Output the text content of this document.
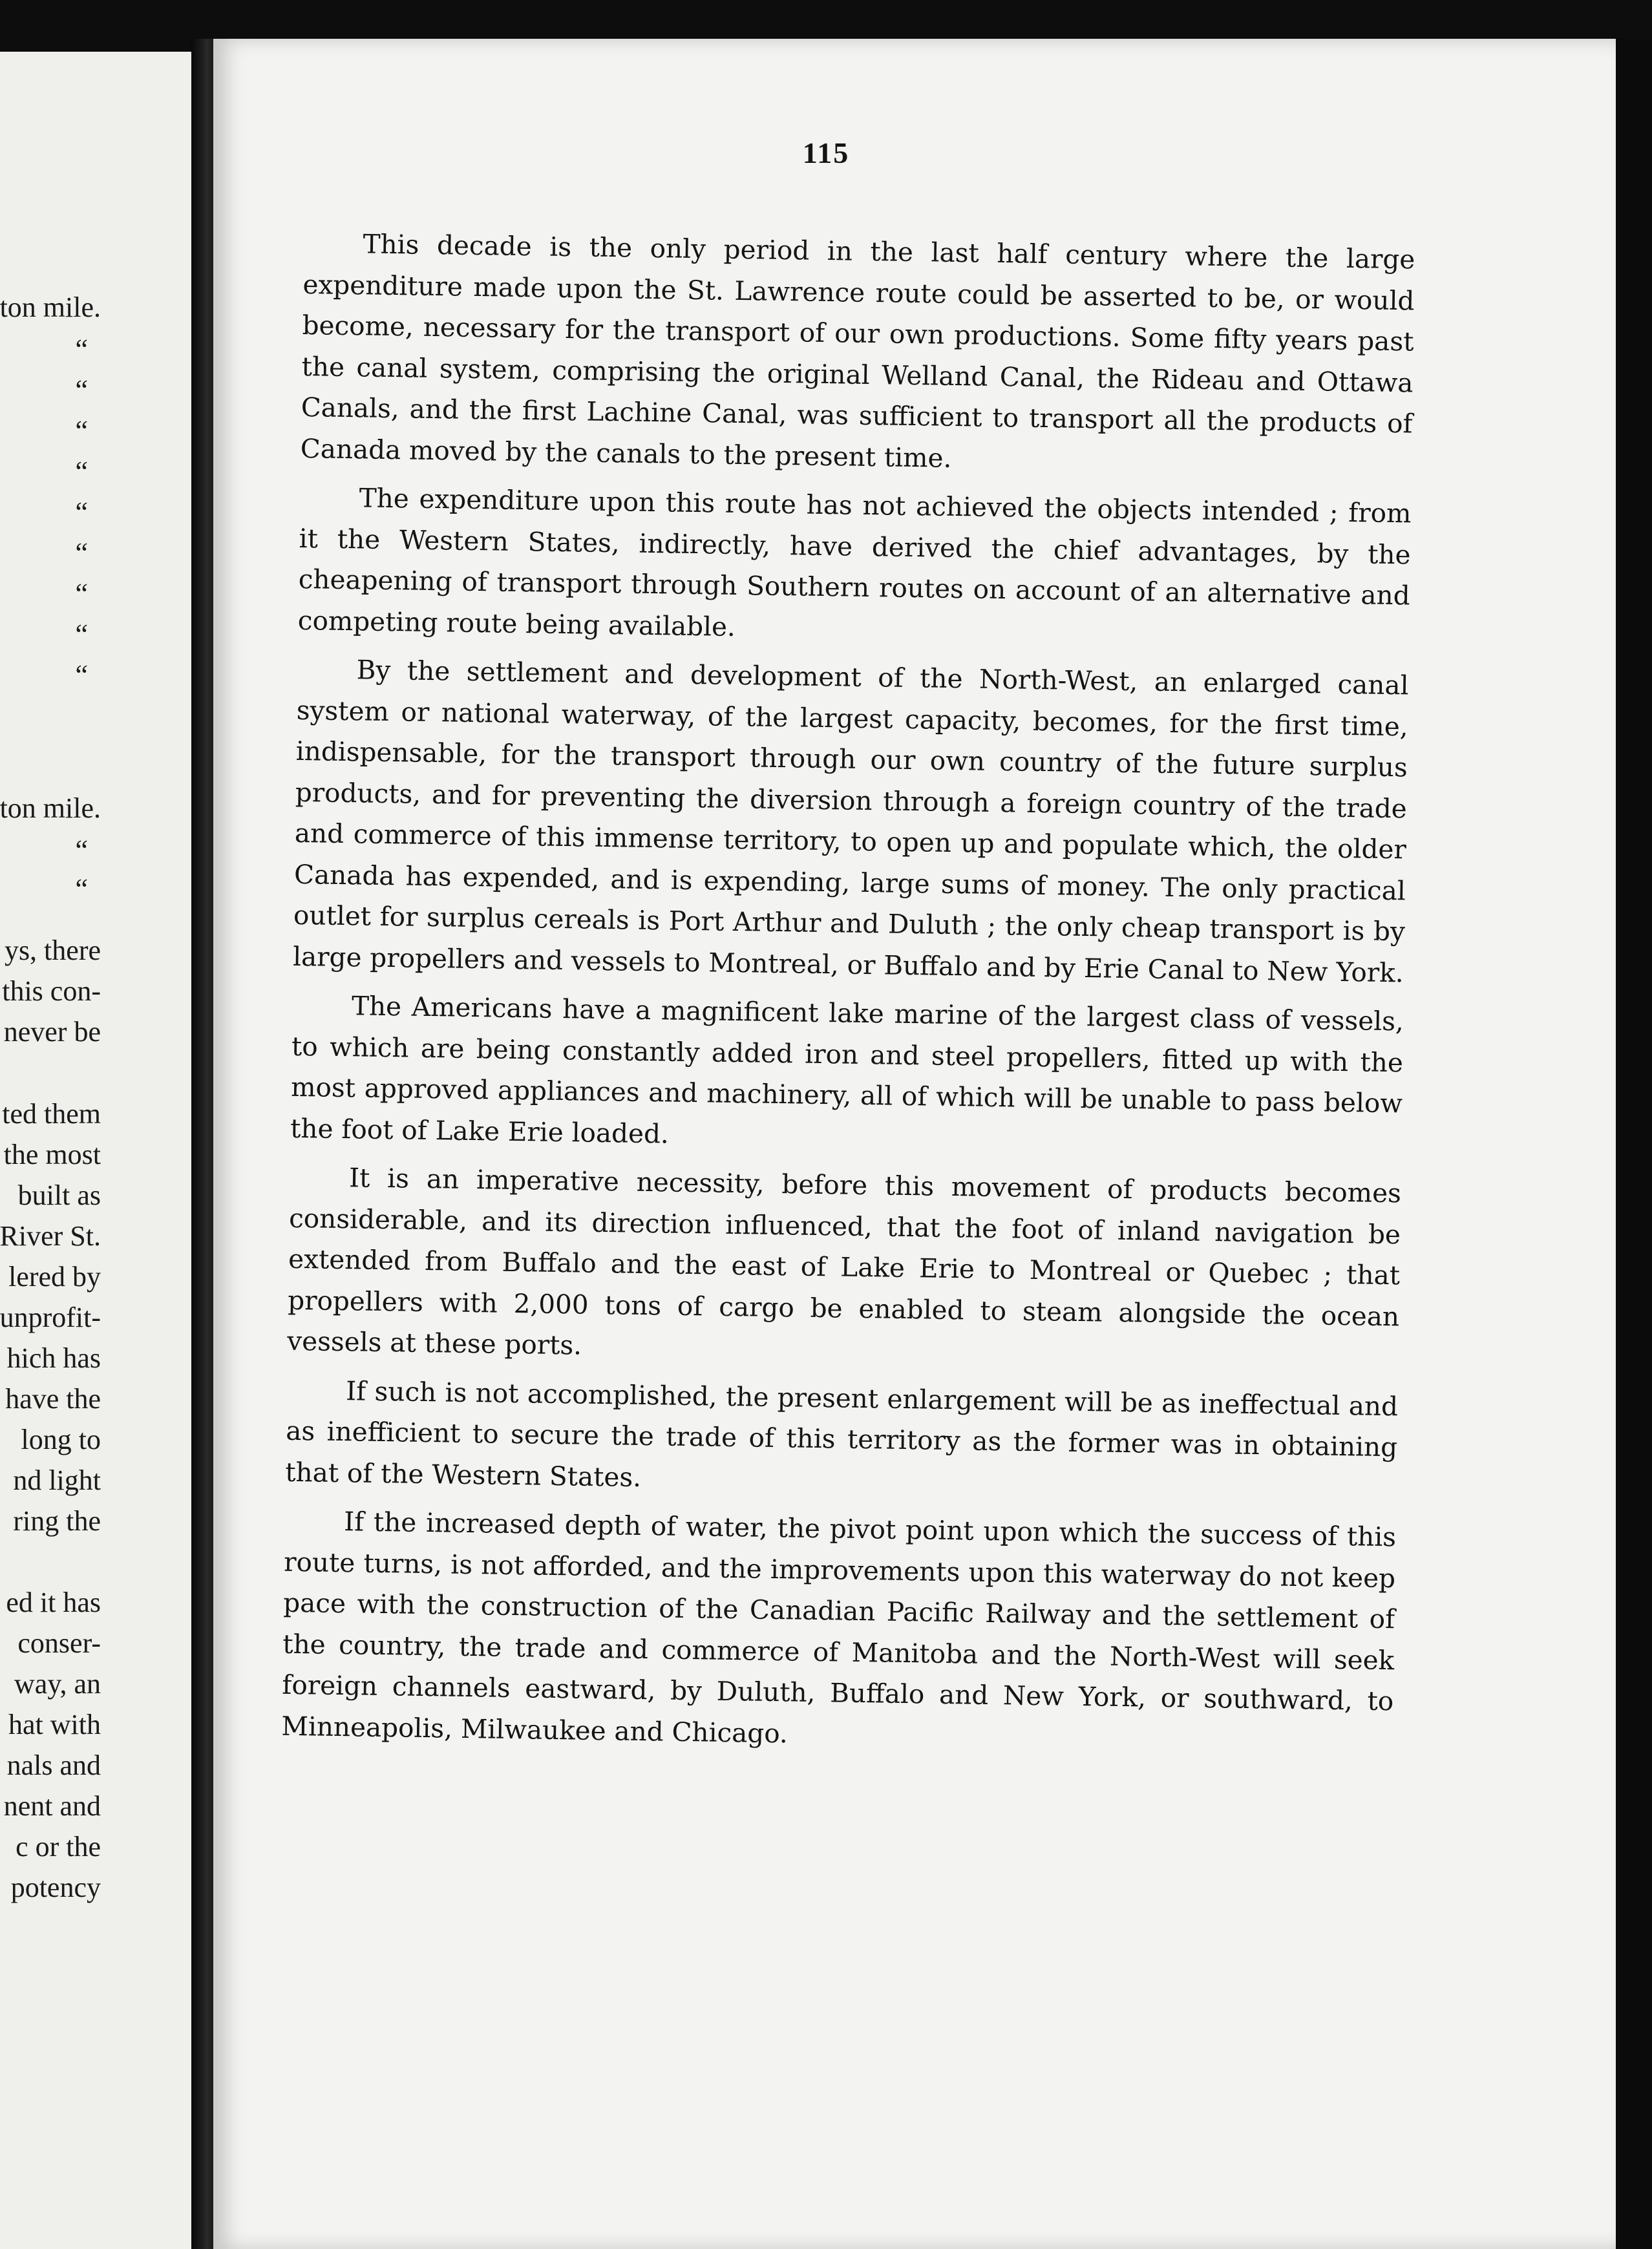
ton mile.
“
“
“
“
“
“
“
“
“
ton mile.
“
“
ys, there
this con-
never be
ted them
the most
built as
River St.
lered by
unprofit-
hich has
have the
long to
nd light
ring the
ed it has
conser-
way, an
hat with
nals and
nent and
c or the
potency
115

This decade is the only period in the last half century where the large expenditure made upon the St. Lawrence route could be asserted to be, or would become, necessary for the transport of our own productions. Some fifty years past the canal system, comprising the original Welland Canal, the Rideau and Ottawa Canals, and the first Lachine Canal, was sufficient to transport all the products of Canada moved by the canals to the present time.

The expenditure upon this route has not achieved the objects intended ; from it the Western States, indirectly, have derived the chief advantages, by the cheapening of transport through Southern routes on account of an alternative and competing route being available.

By the settlement and development of the North-West, an enlarged canal system or national waterway, of the largest capacity, becomes, for the first time, indispensable, for the transport through our own country of the future surplus products, and for preventing the diversion through a foreign country of the trade and commerce of this immense territory, to open up and populate which, the older Canada has expended, and is expending, large sums of money. The only practical outlet for surplus cereals is Port Arthur and Duluth ; the only cheap transport is by large propellers and vessels to Montreal, or Buffalo and by Erie Canal to New York.

The Americans have a magnificent lake marine of the largest class of vessels, to which are being constantly added iron and steel propellers, fitted up with the most approved appliances and machinery, all of which will be unable to pass below the foot of Lake Erie loaded.

It is an imperative necessity, before this movement of products becomes considerable, and its direction influenced, that the foot of inland navigation be extended from Buffalo and the east of Lake Erie to Montreal or Quebec ; that propellers with 2,000 tons of cargo be enabled to steam alongside the ocean vessels at these ports.

If such is not accomplished, the present enlargement will be as ineffectual and as inefficient to secure the trade of this territory as the former was in obtaining that of the Western States.

If the increased depth of water, the pivot point upon which the success of this route turns, is not afforded, and the improvements upon this waterway do not keep pace with the construction of the Canadian Pacific Railway and the settlement of the country, the trade and commerce of Manitoba and the North-West will seek foreign channels eastward, by Duluth, Buffalo and New York, or southward, to Minneapolis, Milwaukee and Chicago.
